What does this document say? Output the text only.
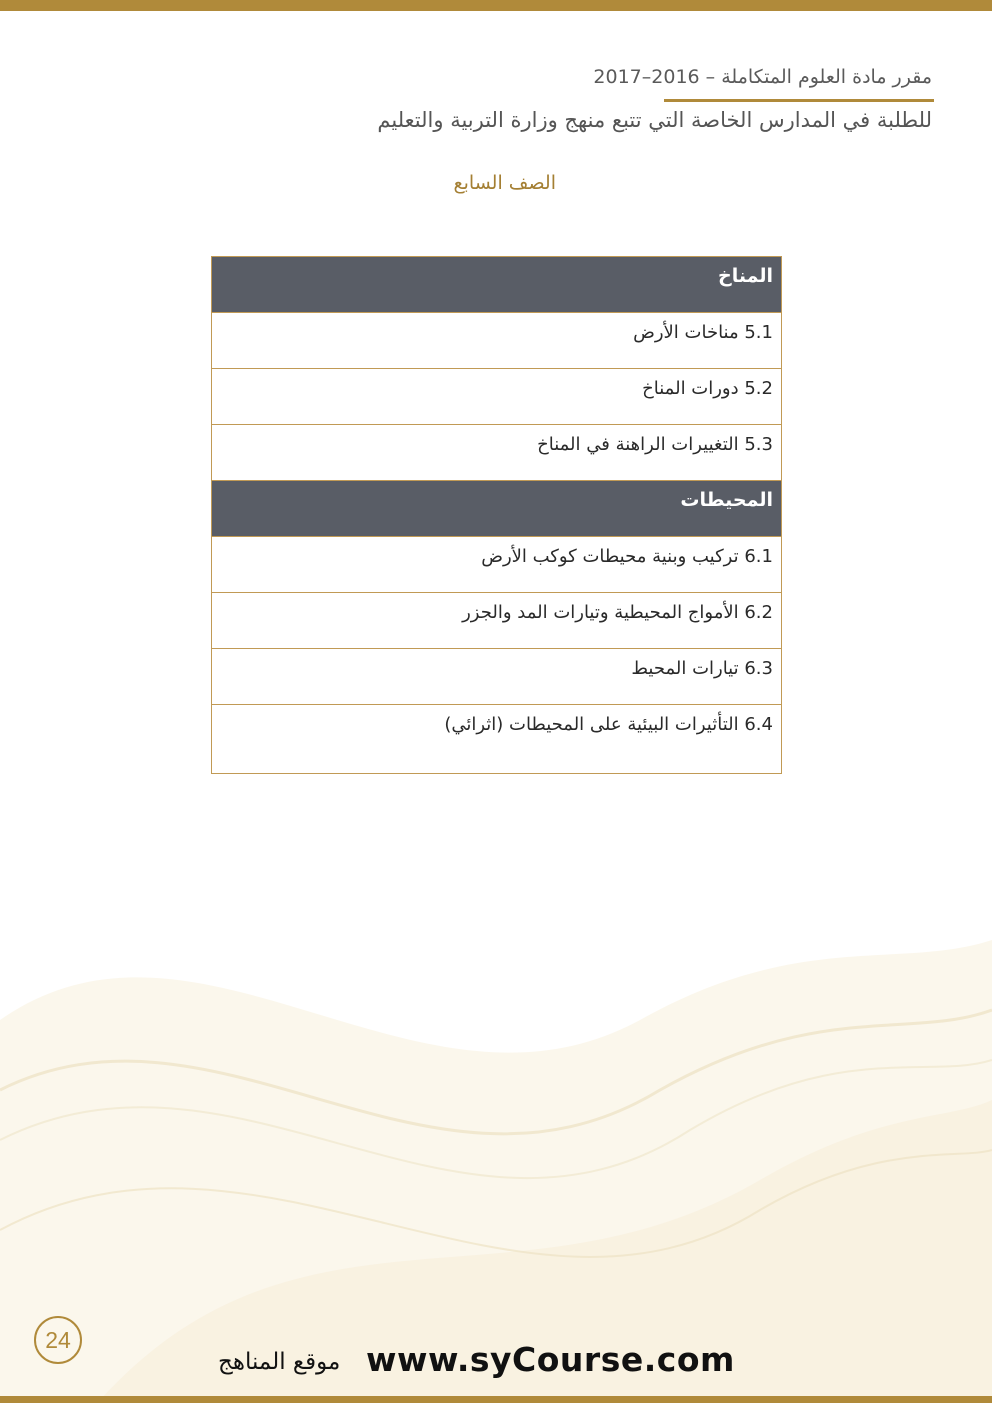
مقرر مادة العلوم المتكاملة – 2016–2017
للطلبة في المدارس الخاصة التي تتبع منهج وزارة التربية والتعليم
الصف السابع
المناخ
5.1 مناخات الأرض
5.2 دورات المناخ
5.3 التغييرات الراهنة في المناخ
المحيطات
6.1 تركيب وبنية محيطات كوكب الأرض
6.2 الأمواج المحيطية وتيارات المد والجزر
6.3 تيارات المحيط
6.4 التأثيرات البيئية على المحيطات (اثرائي)
24
موقع المناهج www.syCourse.com
